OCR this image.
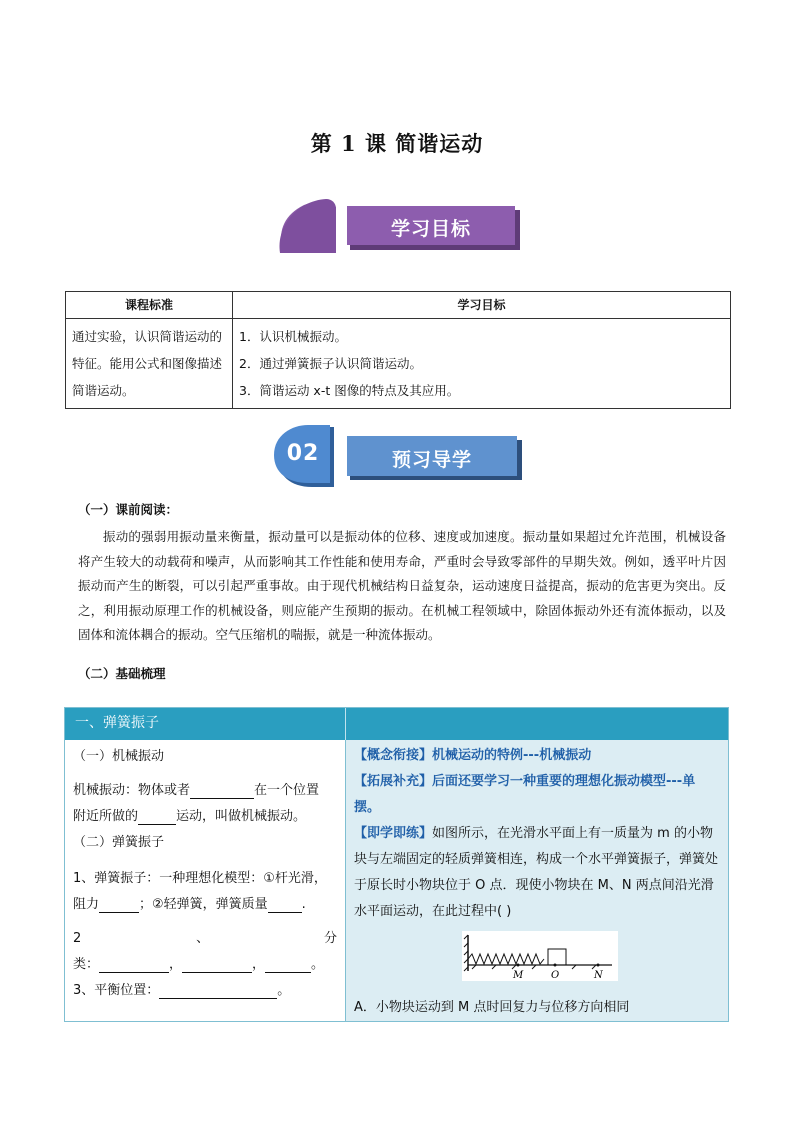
第 1 课 简谐运动
学习目标
课程标准	学习目标
通过实验，认识简谐运动的特征。能用公式和图像描述简谐运动。	1．认识机械振动。
2．通过弹簧振子认识简谐运动。
3．简谐运动 x-t 图像的特点及其应用。
02	预习导学
（一）课前阅读：
振动的强弱用振动量来衡量，振动量可以是振动体的位移、速度或加速度。振动量如果超过允许范围，机械设备将产生较大的动载荷和噪声，从而影响其工作性能和使用寿命，严重时会导致零部件的早期失效。例如，透平叶片因振动而产生的断裂，可以引起严重事故。由于现代机械结构日益复杂，运动速度日益提高，振动的危害更为突出。反之，利用振动原理工作的机械设备，则应能产生预期的振动。在机械工程领域中，除固体振动外还有流体振动，以及固体和流体耦合的振动。空气压缩机的喘振，就是一种流体振动。
（二）基础梳理
一、弹簧振子
（一）机械振动
机械振动：物体或者	在一个位置
附近所做的	运动，叫做机械振动。
（二）弹簧振子
1、弹簧振子：一种理想化模型：①杆光滑，
阻力	；②轻弹簧，弹簧质量	.
2	、	分
类：	，	，	。
3、平衡位置：	。
【概念衔接】机械运动的特例---机械振动
【拓展补充】后面还要学习一种重要的理想化振动模型---单摆。
【即学即练】如图所示，在光滑水平面上有一质量为 m 的小物块与左端固定的轻质弹簧相连，构成一个水平弹簧振子，弹簧处于原长时小物块位于 O 点．现使小物块在 M、N 两点间沿光滑水平面运动，在此过程中( )
M	O	N
A．小物块运动到 M 点时回复力与位移方向相同
